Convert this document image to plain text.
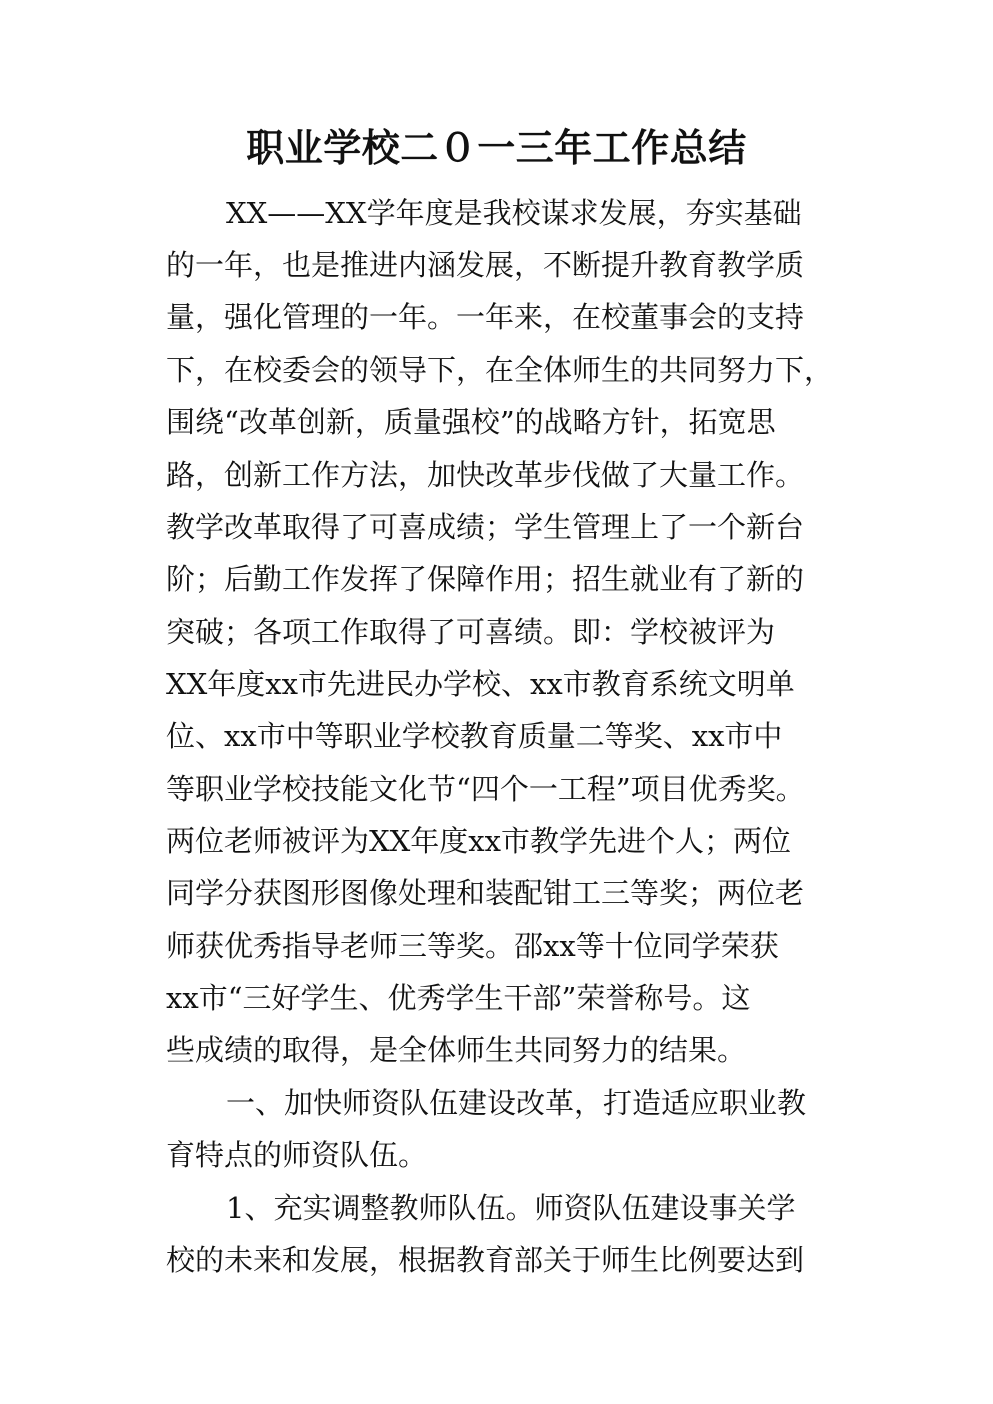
职业学校二０一三年工作总结
XX——XX学年度是我校谋求发展，夯实基础
的一年，也是推进内涵发展，不断提升教育教学质
量，强化管理的一年。一年来，在校董事会的支持
下，在校委会的领导下，在全体师生的共同努力下，
围绕“改革创新，质量强校”的战略方针，拓宽思
路，创新工作方法，加快改革步伐做了大量工作。
教学改革取得了可喜成绩；学生管理上了一个新台
阶；后勤工作发挥了保障作用；招生就业有了新的
突破；各项工作取得了可喜绩。即：学校被评为
XX年度xx市先进民办学校、xx市教育系统文明单
位、xx市中等职业学校教育质量二等奖、xx市中
等职业学校技能文化节“四个一工程”项目优秀奖。
两位老师被评为XX年度xx市教学先进个人；两位
同学分获图形图像处理和装配钳工三等奖；两位老
师获优秀指导老师三等奖。邵xx等十位同学荣获
xx市“三好学生、优秀学生干部”荣誉称号。这
些成绩的取得，是全体师生共同努力的结果。
一、加快师资队伍建设改革，打造适应职业教
育特点的师资队伍。
1、充实调整教师队伍。师资队伍建设事关学
校的未来和发展，根据教育部关于师生比例要达到
